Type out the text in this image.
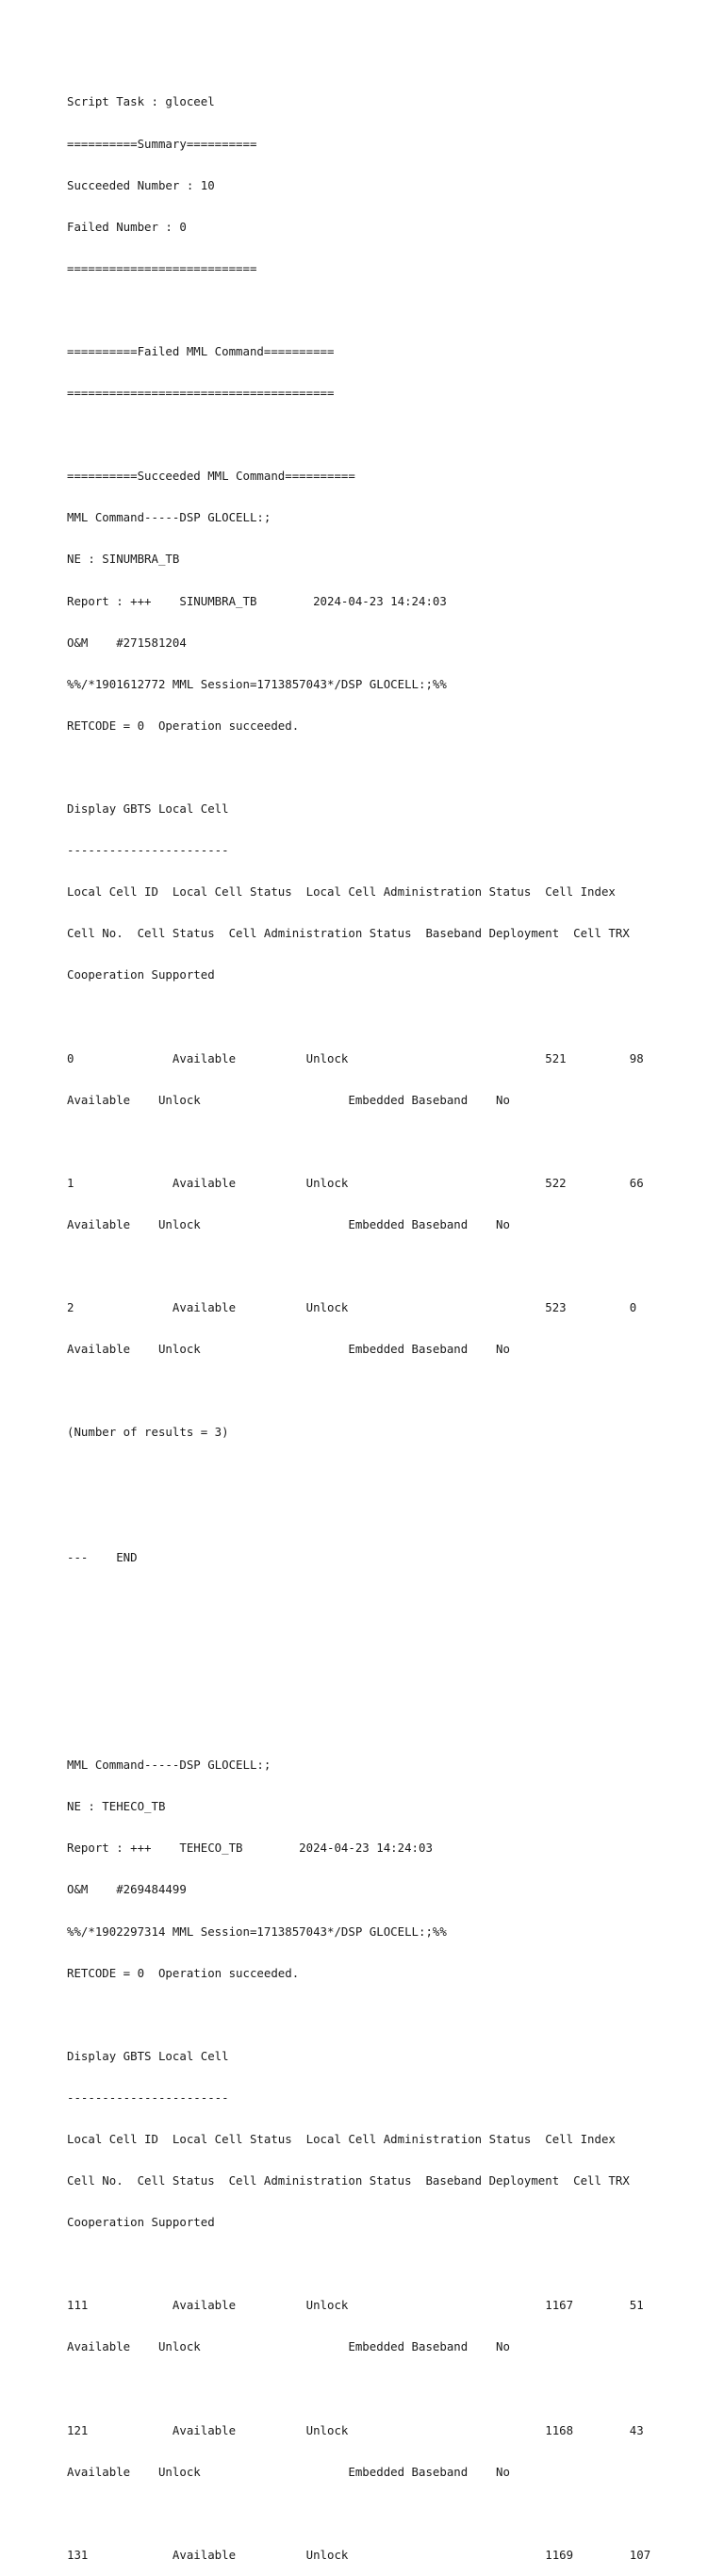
Script Task : gloceel

==========Summary==========

Succeeded Number : 10

Failed Number : 0

===========================

==========Failed MML Command==========

======================================

==========Succeeded MML Command==========

MML Command-----DSP GLOCELL:;

NE : SINUMBRA_TB

Report : +++    SINUMBRA_TB        2024-04-23 14:24:03

O&M    #271581204

%%/*1901612772 MML Session=1713857043*/DSP GLOCELL:;%%

RETCODE = 0  Operation succeeded.

Display GBTS Local Cell

-----------------------

Local Cell ID  Local Cell Status  Local Cell Administration Status  Cell Index

Cell No.  Cell Status  Cell Administration Status  Baseband Deployment  Cell TRX

Cooperation Supported

0              Available          Unlock                            521         98

Available    Unlock                     Embedded Baseband    No

1              Available          Unlock                            522         66

Available    Unlock                     Embedded Baseband    No

2              Available          Unlock                            523         0

Available    Unlock                     Embedded Baseband    No

(Number of results = 3)

---    END

MML Command-----DSP GLOCELL:;

NE : TEHECO_TB

Report : +++    TEHECO_TB        2024-04-23 14:24:03

O&M    #269484499

%%/*1902297314 MML Session=1713857043*/DSP GLOCELL:;%%

RETCODE = 0  Operation succeeded.

Display GBTS Local Cell

-----------------------

Local Cell ID  Local Cell Status  Local Cell Administration Status  Cell Index

Cell No.  Cell Status  Cell Administration Status  Baseband Deployment  Cell TRX

Cooperation Supported

111            Available          Unlock                            1167        51

Available    Unlock                     Embedded Baseband    No

121            Available          Unlock                            1168        43

Available    Unlock                     Embedded Baseband    No

131            Available          Unlock                            1169        107
